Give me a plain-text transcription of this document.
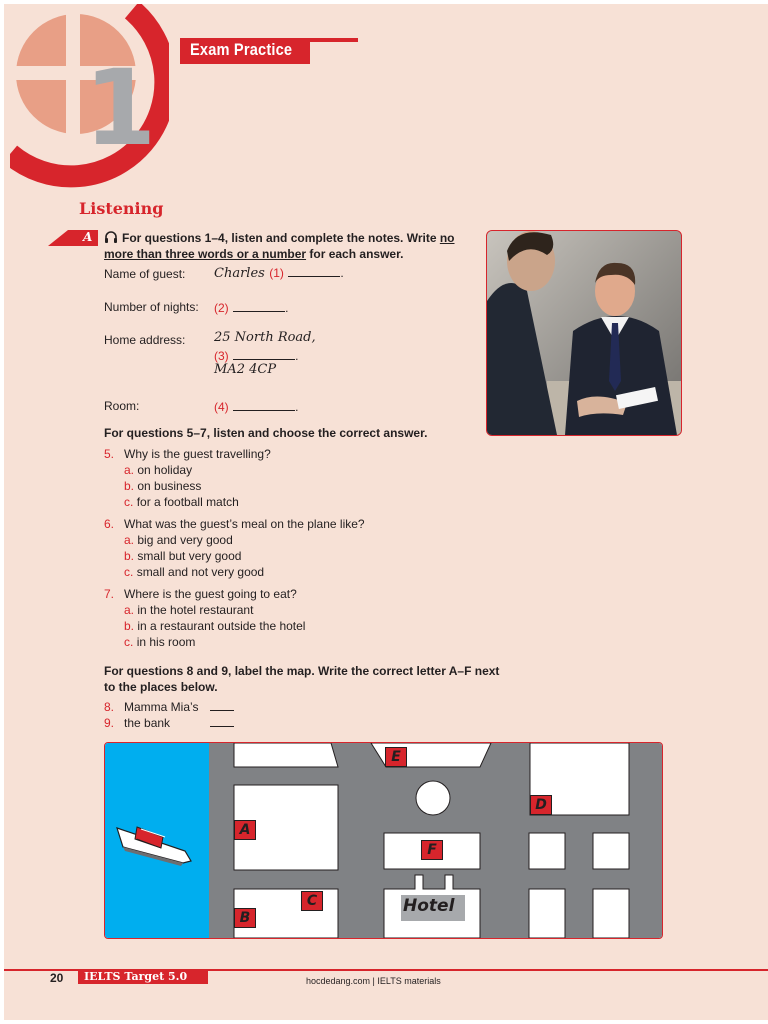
1 Exam Practice
Listening
A	For questions 1–4, listen and complete the notes. Write no
more than three words or a number for each answer.
Name of guest: Charles (1)	.
Number of nights: (2)	.
Home address: 25 North Road,
(3)	.
MA2 4CP
Room:	(4)	.
For questions 5–7, listen and choose the correct answer.
5. Why is the guest travelling?
a. on holiday
b. on business
c. for a football match
6. What was the guest’s meal on the plane like?
a. big and very good
b. small but very good
c. small and not very good
7. Where is the guest going to eat?
a. in the hotel restaurant
b. in a restaurant outside the hotel
c. in his room
For questions 8 and 9, label the map. Write the correct letter A–F next
to the places below.
8. Mamma Mia’s
9. the bank
A
B
C
D
E
F
Hotel
20 IELTS Target 5.0	hocdedang.com | IELTS materials
